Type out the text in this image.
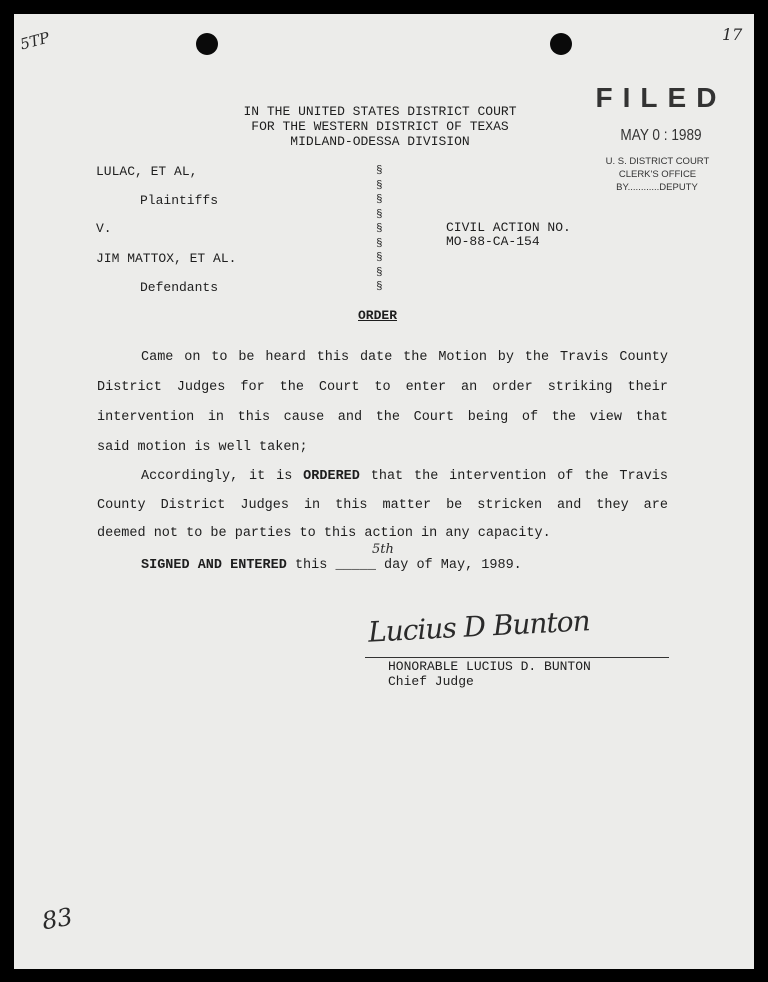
5TP	17
83
FILED
MAY 0 : 1989
U. S. DISTRICT COURT
CLERK'S OFFICE
BY............DEPUTY
IN THE UNITED STATES DISTRICT COURT
FOR THE WESTERN DISTRICT OF TEXAS
MIDLAND-ODESSA DIVISION
LULAC, ET AL,
Plaintiffs
V.
JIM MATTOX, ET AL.
Defendants
§
§
§
§
§
§
§
§
§
CIVIL ACTION NO.
MO-88-CA-154
ORDER
Came on to be heard this date the Motion by the Travis County
District Judges for the Court to enter an order striking their
intervention in this cause and the Court being of the view that
said motion is well taken;
Accordingly, it is ORDERED that the intervention of the Travis
County District Judges in this matter be stricken and they are
deemed not to be parties to this action in any capacity.
SIGNED AND ENTERED this _____ day of May, 1989.
5th
Lucius D Bunton
HONORABLE LUCIUS D. BUNTON
Chief Judge
